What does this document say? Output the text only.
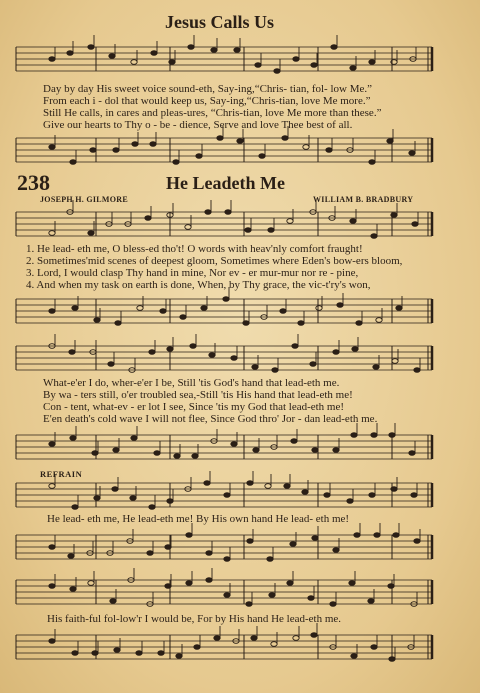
Jesus Calls Us
Day by day His sweet voice sound-eth, Say-ing,“Chris- tian, fol- low Me.”
From each i - dol that would keep us, Say-ing,“Chris-tian, love Me more.”
Still He calls, in cares and pleas-ures, “Chris-tian, love Me more than these.”
Give our hearts to Thy o - be - dience, Serve and love Thee best of all.
238	He Leadeth Me
JOSEPH H. GILMORE	WILLIAM B. BRADBURY
1. He lead- eth me, O bless-ed tho't! O words with heav'nly comfort fraught!
2. Sometimes'mid scenes of deepest gloom, Sometimes where Eden's bow-ers bloom,
3. Lord, I would clasp Thy hand in mine, Nor ev - er mur-mur nor re - pine,
4. And when my task on earth is done, When, by Thy grace, the vic-t'ry's won,
What-e'er I do, wher-e'er I be, Still 'tis God's hand that lead-eth me.
By wa - ters still, o'er troubled sea,-Still 'tis His hand that lead-eth me!
Con - tent, what-ev - er lot I see, Since 'tis my God that lead-eth me!
E'en death's cold wave I will not flee, Since God thro' Jor - dan lead-eth me.
REFRAIN
He lead- eth me, He lead-eth me! By His own hand He lead- eth me!
His faith-ful fol-low'r I would be, For by His hand He lead-eth me.
